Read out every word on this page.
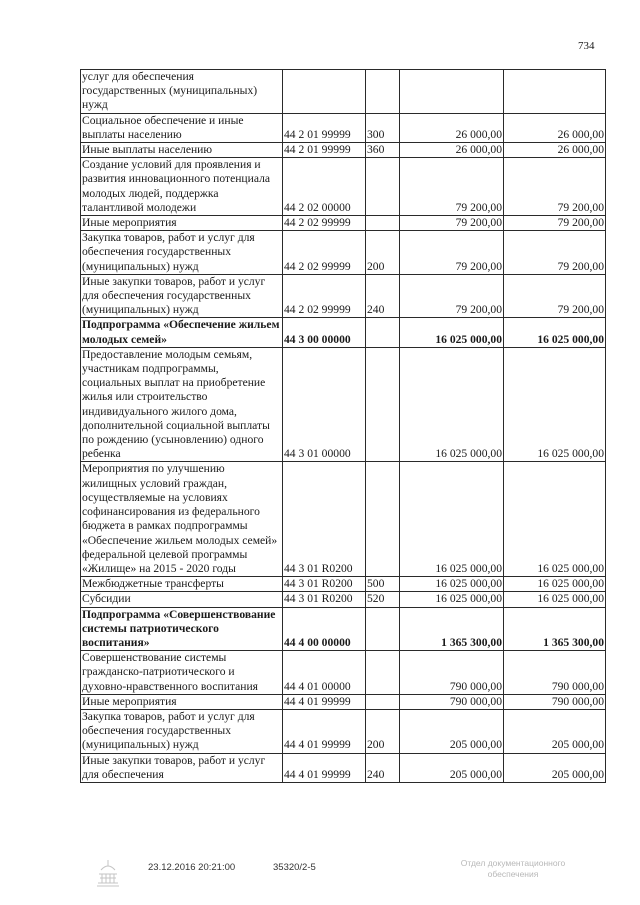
734
услуг для обеспечения государственных (муниципальных) нужд				
Социальное обеспечение и иные выплаты населению	44 2 01 99999	300	26 000,00	26 000,00
Иные выплаты населению	44 2 01 99999	360	26 000,00	26 000,00
Создание условий для проявления и развития инновационного потенциала молодых людей, поддержка талантливой молодежи	44 2 02 00000		79 200,00	79 200,00
Иные мероприятия	44 2 02 99999		79 200,00	79 200,00
Закупка товаров, работ и услуг для обеспечения государственных (муниципальных) нужд	44 2 02 99999	200	79 200,00	79 200,00
Иные закупки товаров, работ и услуг для обеспечения государственных (муниципальных) нужд	44 2 02 99999	240	79 200,00	79 200,00
Подпрограмма «Обеспечение жильем молодых семей»	44 3 00 00000		16 025 000,00	16 025 000,00
Предоставление молодым семьям, участникам подпрограммы, социальных выплат на приобретение жилья или строительство индивидуального жилого дома, дополнительной социальной выплаты по рождению (усыновлению) одного ребенка	44 3 01 00000		16 025 000,00	16 025 000,00
Мероприятия по улучшению жилищных условий граждан, осуществляемые на условиях софинансирования из федерального бюджета в рамках подпрограммы «Обеспечение жильем молодых семей» федеральной целевой программы «Жилище» на 2015 - 2020 годы	44 3 01 R0200		16 025 000,00	16 025 000,00
Межбюджетные трансферты	44 3 01 R0200	500	16 025 000,00	16 025 000,00
Субсидии	44 3 01 R0200	520	16 025 000,00	16 025 000,00
Подпрограмма «Совершенствование системы патриотического воспитания»	44 4 00 00000		1 365 300,00	1 365 300,00
Совершенствование системы гражданско-патриотического и духовно-нравственного воспитания	44 4 01 00000		790 000,00	790 000,00
Иные мероприятия	44 4 01 99999		790 000,00	790 000,00
Закупка товаров, работ и услуг для обеспечения государственных (муниципальных) нужд	44 4 01 99999	200	205 000,00	205 000,00
Иные закупки товаров, работ и услуг для обеспечения	44 4 01 99999	240	205 000,00	205 000,00
23.12.2016 20:21:00	35320/2-5	Отдел документационного
обеспечения
